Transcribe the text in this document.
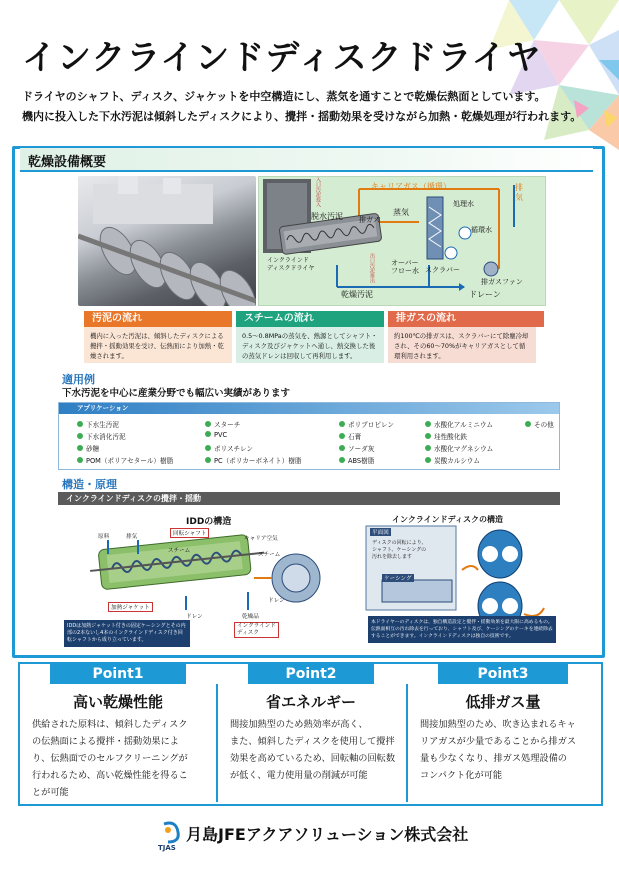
インクラインドディスクドライヤ
ドライヤのシャフト、ディスク、ジャケットを中空構造にし、蒸気を通すことで乾燥伝熱面としています。
機内に投入した下水汚泥は傾斜したディスクにより、攪拌・揺動効果を受けながら加熱・乾燥処理が行われます。
乾燥設備概要
キャリアガス（循環）	排
気
脱水汚泥 排ガス
蒸気
処理水
循環水
インクラインド
ディスクドライヤ
オーバー
フロー水 スクラバー
排ガスファン
乾燥汚泥	ドレーン
入口汚泥投入
出口汚泥排出
汚泥の流れ
機内に入った汚泥は、傾斜したディスクによる攪拌・揺動効果を受け、伝熱面により加熱・乾燥されます。
スチームの流れ
0.5〜0.8MPaの蒸気を、熱源としてシャフト・ディスク及びジャケットへ通し、熱交換した後の蒸気ドレンは回収して再利用します。
排ガスの流れ
約100℃の排ガスは、スクラバーにて除塵冷却され、その60〜70%がキャリアガスとして循環利用されます。
適用例
下水汚泥を中心に産業分野でも幅広い実績があります
アプリケーション
下水生汚泥
下水消化汚泥
砂糖
POM（ポリアセタール）樹脂
スターチ
PVC
ポリスチレン
PC（ポリカーボネイト）樹脂
ポリプロピレン
石膏
ソーダ灰
ABS樹脂
水酸化アルミニウム
珪性酸化鉄
水酸化マグネシウム
炭酸カルシウム
その他
構造・原理
インクラインドディスクの攪拌・揺動
IDDの構造
原料	排気	回転シャフト
キャリア空気
スチーム
スチーム
加熱ジャケット
ドレン
ドレン
乾燥品
インクラインド
ディスク
IDDは加熱ジャケット付きの固定ケーシングとその内部の2本ないし4本のインクラインドディスク付き回転シャフトから成り立っています。
インクラインドディスクの構造
平面図
ケーシング
ディスクの回転により、シャフト、ケーシングの汚れを除去します
本ドライヤーのディスクは、独自構造設定と攪拌・揺動効果を最大限に高めるもの。伝熱面相互の汚れ除去を行っており、シャフト及び、ケーシングのケーキを連続除去することができます。インクラインドディスクは独自の技術です。
Point1
高い乾燥性能
供給された原料は、傾斜したディスク
の伝熱面による攪拌・揺動効果によ
り、伝熱面でのセルフクリーニングが
行われるため、高い乾燥性能を得るこ
とが可能
Point2
省エネルギー
間接加熱型のため熱効率が高く、
また、傾斜したディスクを使用して攪拌
効果を高めているため、回転軸の回転数
が低く、電力使用量の削減が可能
Point3
低排ガス量
間接加熱型のため、吹き込まれるキャ
リアガスが少量であることから排ガス
量も少なくなり、排ガス処理設備の
コンパクト化が可能
TJAS
月島JFEアクアソリューション株式会社
